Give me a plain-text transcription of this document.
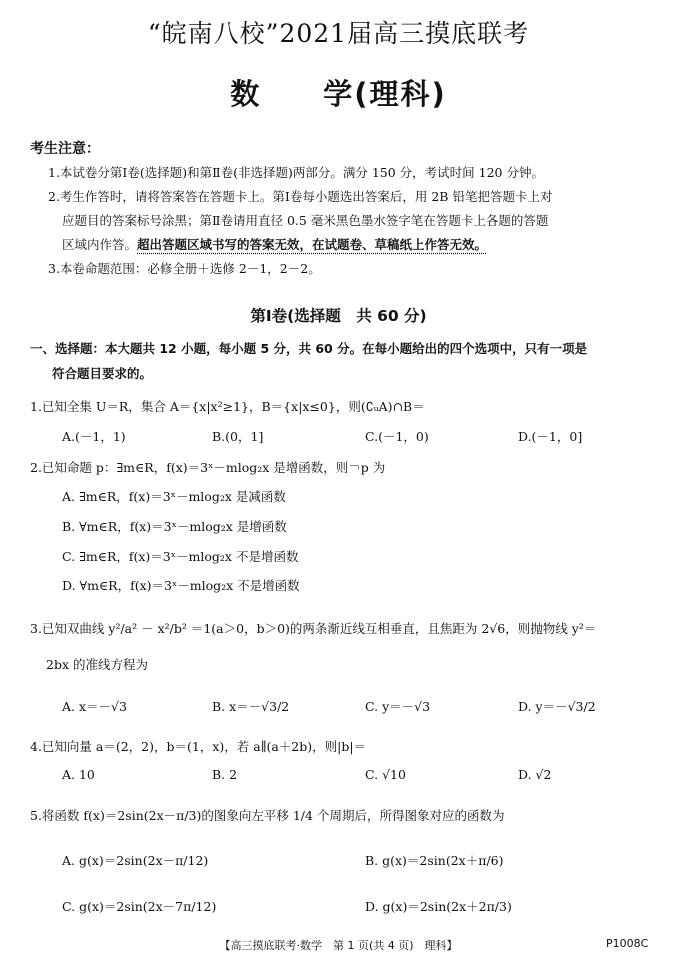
“皖南八校”2021届高三摸底联考
数　　学(理科)
考生注意：
1.本试卷分第Ⅰ卷(选择题)和第Ⅱ卷(非选择题)两部分。满分 150 分，考试时间 120 分钟。
2.考生作答时，请将答案答在答题卡上。第Ⅰ卷每小题选出答案后，用 2B 铅笔把答题卡上对
应题目的答案标号涂黑；第Ⅱ卷请用直径 0.5 毫米黑色墨水签字笔在答题卡上各题的答题
区域内作答。超出答题区域书写的答案无效，在试题卷、草稿纸上作答无效。
3.本卷命题范围：必修全册＋选修 2－1，2－2。
第Ⅰ卷(选择题　共 60 分)
一、选择题：本大题共 12 小题，每小题 5 分，共 60 分。在每小题给出的四个选项中，只有一项是
符合题目要求的。
1.已知全集 U＝R，集合 A＝{x|x²≥1}，B＝{x|x≤0}，则(∁ᵤA)∩B＝
A.(－1，1)	B.(0，1]	C.(－1，0)	D.(－1，0]
2.已知命题 p：∃m∈R，f(x)＝3ˣ－mlog₂x 是增函数，则￢p 为
A. ∃m∈R，f(x)＝3ˣ－mlog₂x 是减函数
B. ∀m∈R，f(x)＝3ˣ－mlog₂x 是增函数
C. ∃m∈R，f(x)＝3ˣ－mlog₂x 不是增函数
D. ∀m∈R，f(x)＝3ˣ－mlog₂x 不是增函数
3.已知双曲线 y²/a² － x²/b² ＝1(a＞0，b＞0)的两条渐近线互相垂直，且焦距为 2√6，则抛物线 y²＝
2bx 的准线方程为
A. x＝－√3	B. x＝－√3/2	C. y＝－√3	D. y＝－√3/2
4.已知向量 a＝(2，2)，b＝(1，x)，若 a∥(a＋2b)，则|b|＝
A. 10	B. 2	C. √10	D. √2
5.将函数 f(x)＝2sin(2x－π/3)的图象向左平移 1/4 个周期后，所得图象对应的函数为
A. g(x)＝2sin(2x－π/12)	B. g(x)＝2sin(2x＋π/6)
C. g(x)＝2sin(2x－7π/12)	D. g(x)＝2sin(2x＋2π/3)
【高三摸底联考·数学　第 1 页(共 4 页)　理科】	P1008C
